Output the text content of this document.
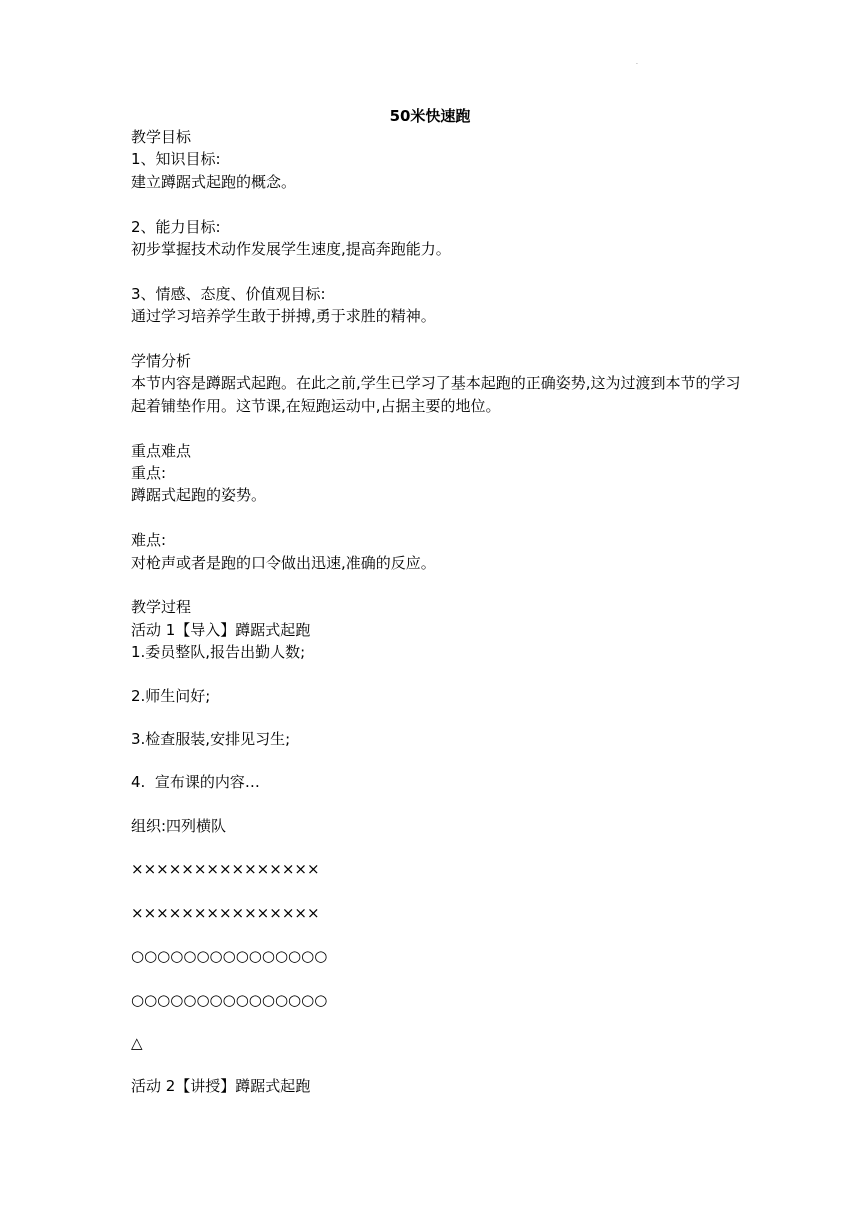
.
50米快速跑
教学目标
1、知识目标:
建立蹲踞式起跑的概念。
2、能力目标:
初步掌握技术动作发展学生速度,提高奔跑能力。
3、情感、态度、价值观目标:
通过学习培养学生敢于拼搏,勇于求胜的精神。
学情分析
本节内容是蹲踞式起跑。在此之前,学生已学习了基本起跑的正确姿势,这为过渡到本节的学习起着铺垫作用。这节课,在短跑运动中,占据主要的地位。
重点难点
重点:
蹲踞式起跑的姿势。
难点:
对枪声或者是跑的口令做出迅速,准确的反应。
教学过程
活动 1【导入】蹲踞式起跑
1.委员整队,报告出勤人数;
2.师生问好;
3.检查服装,安排见习生;
4.  宣布课的内容…
组织:四列横队
×××××××××××××××
×××××××××××××××
○○○○○○○○○○○○○○○
○○○○○○○○○○○○○○○
△
活动 2【讲授】蹲踞式起跑
